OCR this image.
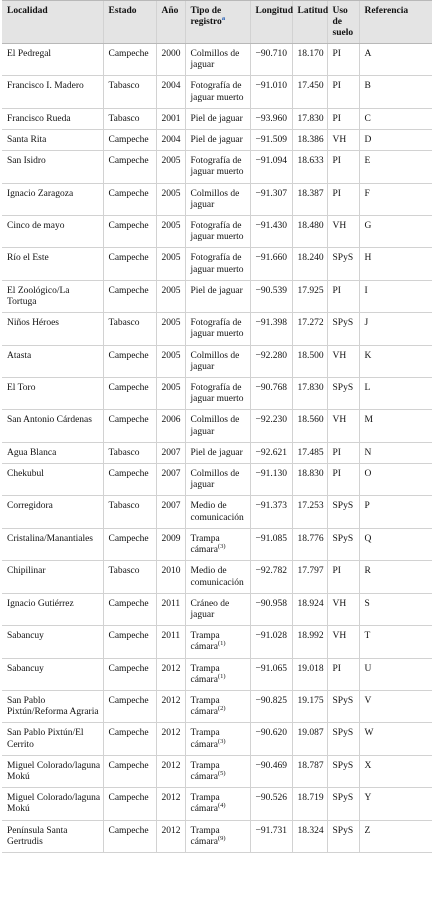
Localidad	Estado	Año	Tipo de registro$^a$	Longitud	Latitud	Uso de suelo	Referencia
El Pedregal	Campeche	2000	Colmillos de jaguar	−90.710	18.170	PI	A
Francisco I. Madero	Tabasco	2004	Fotografía de jaguar muerto	−91.010	17.450	PI	B
Francisco Rueda	Tabasco	2001	Piel de jaguar	−93.960	17.830	PI	C
Santa Rita	Campeche	2004	Piel de jaguar	−91.509	18.386	VH	D
San Isidro	Campeche	2005	Fotografía de jaguar muerto	−91.094	18.633	PI	E
Ignacio Zaragoza	Campeche	2005	Colmillos de jaguar	−91.307	18.387	PI	F
Cinco de mayo	Campeche	2005	Fotografía de jaguar muerto	−91.430	18.480	VH	G
Río el Este	Campeche	2005	Fotografía de jaguar muerto	−91.660	18.240	SPyS	H
El Zoológico/La Tortuga	Campeche	2005	Piel de jaguar	−90.539	17.925	PI	I
Niños Héroes	Tabasco	2005	Fotografía de jaguar muerto	−91.398	17.272	SPyS	J
Atasta	Campeche	2005	Colmillos de jaguar	−92.280	18.500	VH	K
El Toro	Campeche	2005	Fotografía de jaguar muerto	−90.768	17.830	SPyS	L
San Antonio Cárdenas	Campeche	2006	Colmillos de jaguar	−92.230	18.560	VH	M
Agua Blanca	Tabasco	2007	Piel de jaguar	−92.621	17.485	PI	N
Chekubul	Campeche	2007	Colmillos de jaguar	−91.130	18.830	PI	O
Corregidora	Tabasco	2007	Medio de comunicación	−91.373	17.253	SPyS	P
Cristalina/Manantiales	Campeche	2009	Trampa cámara$^{(3)}$	−91.085	18.776	SPyS	Q
Chipilinar	Tabasco	2010	Medio de comunicación	−92.782	17.797	PI	R
Ignacio Gutiérrez	Campeche	2011	Cráneo de jaguar	−90.958	18.924	VH	S
Sabancuy	Campeche	2011	Trampa cámara$^{(1)}$	−91.028	18.992	VH	T
Sabancuy	Campeche	2012	Trampa cámara$^{(1)}$	−91.065	19.018	PI	U
San Pablo Pixtún/Reforma Agraria	Campeche	2012	Trampa cámara$^{(2)}$	−90.825	19.175	SPyS	V
San Pablo Pixtún/El Cerrito	Campeche	2012	Trampa cámara$^{(3)}$	−90.620	19.087	SPyS	W
Miguel Colorado/laguna Mokú	Campeche	2012	Trampa cámara$^{(5)}$	−90.469	18.787	SPyS	X
Miguel Colorado/laguna Mokú	Campeche	2012	Trampa cámara$^{(4)}$	−90.526	18.719	SPyS	Y
Península Santa Gertrudis	Campeche	2012	Trampa cámara$^{(9)}$	−91.731	18.324	SPyS	Z
